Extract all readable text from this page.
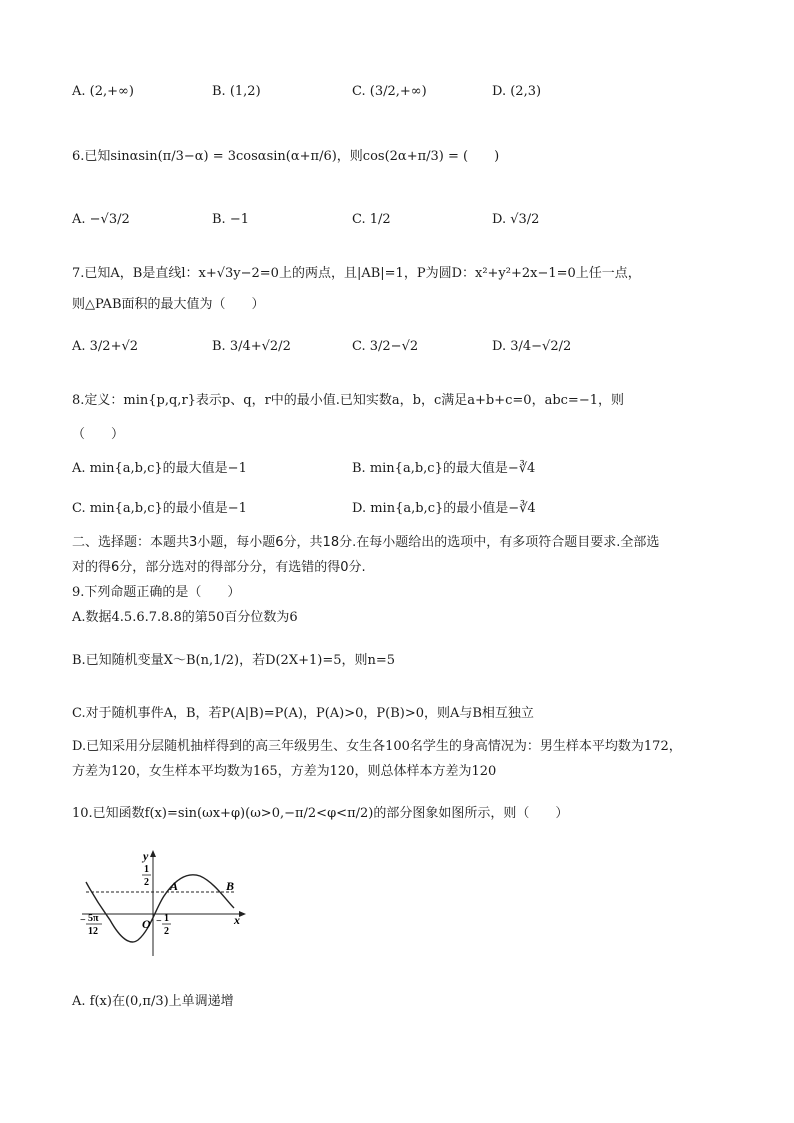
A. (2,+∞)	B. (1,2)	C. (3/2,+∞)	D. (2,3)
6.已知sinαsin(π/3−α) = 3cosαsin(α+π/6)，则cos(2α+π/3) = (　　)
A. −√3/2	B. −1	C. 1/2	D. √3/2
7.已知A，B是直线l：x+√3y−2=0上的两点，且|AB|=1，P为圆D：x²+y²+2x−1=0上任一点，
则△PAB面积的最大值为（　　）
A. 3/2+√2	B. 3/4+√2/2	C. 3/2−√2	D. 3/4−√2/2
8.定义：min{p,q,r}表示p、q，r中的最小值.已知实数a，b，c满足a+b+c=0，abc=−1，则
（　　）
A. min{a,b,c}的最大值是−1	B. min{a,b,c}的最大值是−∛4
C. min{a,b,c}的最小值是−1	D. min{a,b,c}的最小值是−∛4
二、选择题：本题共3小题，每小题6分，共18分.在每小题给出的选项中，有多项符合题目要求.全部选
对的得6分，部分选对的得部分分，有选错的得0分.
9.下列命题正确的是（　　）
A.数据4.5.6.7.8.8的第50百分位数为6
B.已知随机变量X～B(n,1/2)，若D(2X+1)=5，则n=5
C.对于随机事件A，B，若P(A|B)=P(A)，P(A)>0，P(B)>0，则A与B相互独立
D.已知采用分层随机抽样得到的高三年级男生、女生各100名学生的身高情况为：男生样本平均数为172，
方差为120，女生样本平均数为165，方差为120，则总体样本方差为120
10.已知函数f(x)=sin(ωx+φ)(ω>0,−π/2<φ<π/2)的部分图象如图所示，则（　　）
y
x
O
A	B
1
2
− 1
2
− 5π
12
A. f(x)在(0,π/3)上单调递增
